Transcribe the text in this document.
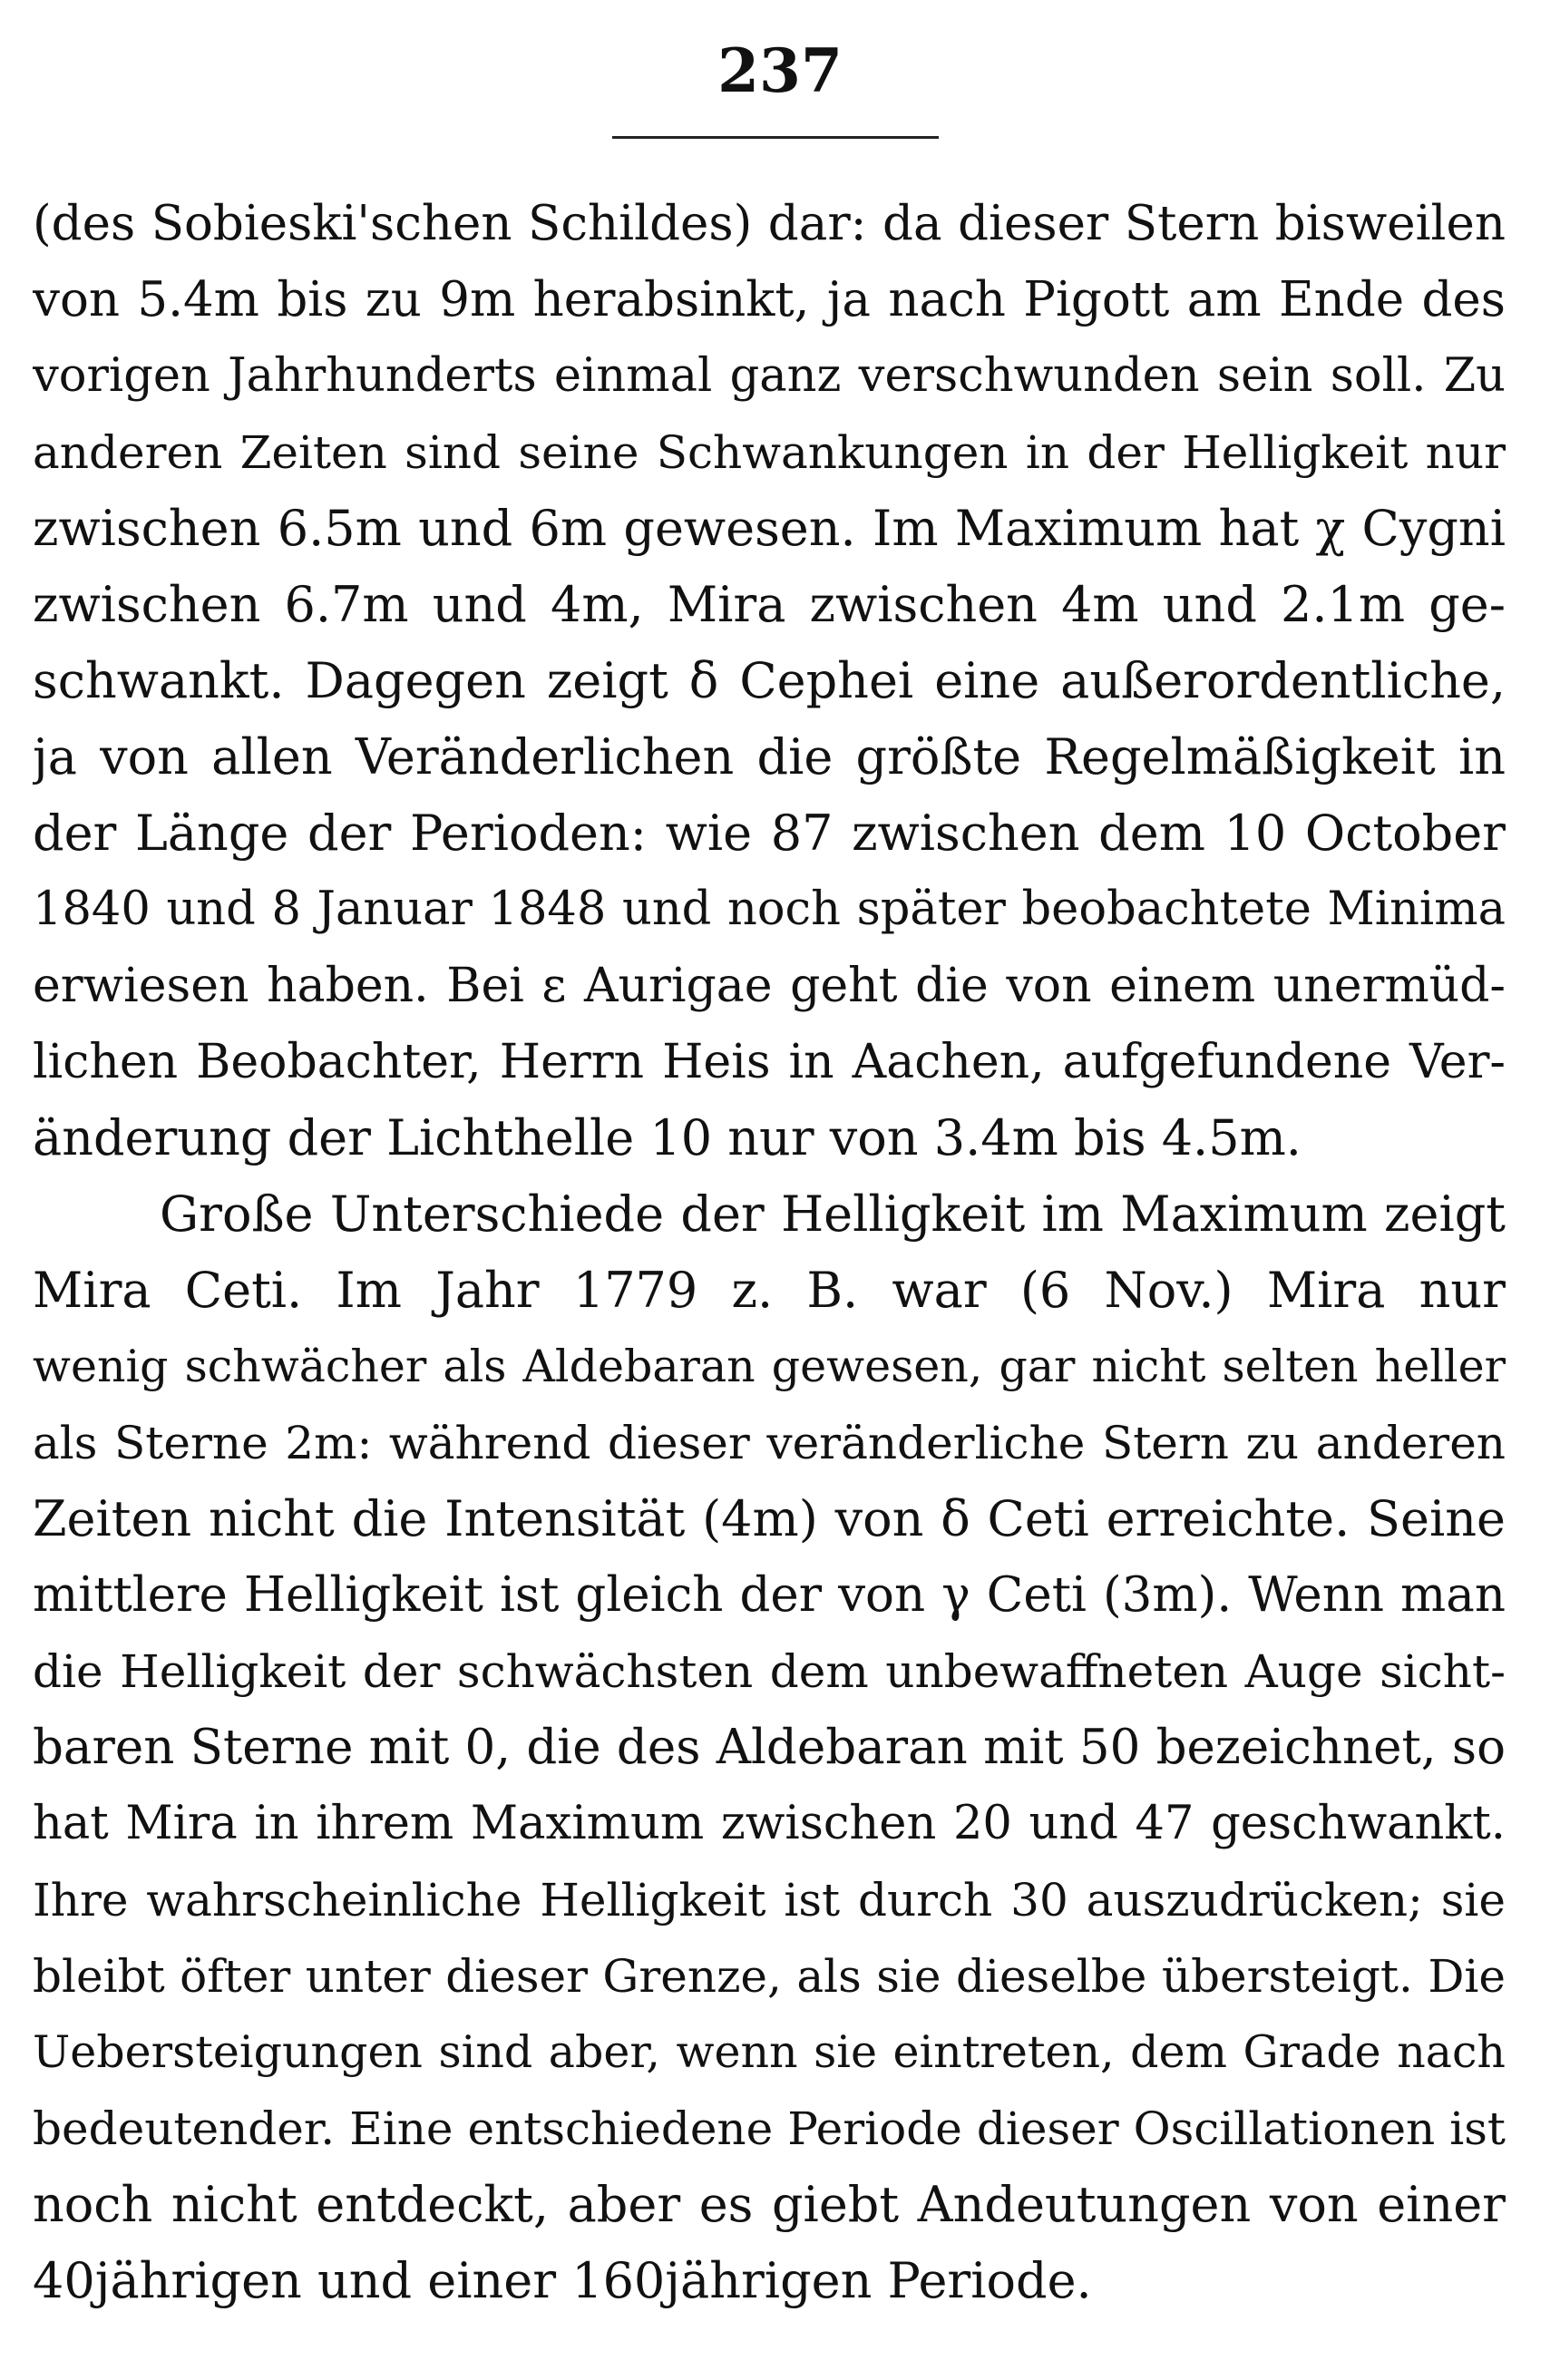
237
(des Sobieski'schen Schildes) dar: da dieser Stern bisweilen
von 5.4m bis zu 9m herabsinkt, ja nach Pigott am Ende des
vorigen Jahrhunderts einmal ganz verschwunden sein soll. Zu
anderen Zeiten sind seine Schwankungen in der Helligkeit nur
zwischen 6.5m und 6m gewesen. Im Maximum hat χ Cygni
zwischen 6.7m und 4m, Mira zwischen 4m und 2.1m ge-
schwankt. Dagegen zeigt δ Cephei eine außerordentliche,
ja von allen Veränderlichen die größte Regelmäßigkeit in
der Länge der Perioden: wie 87 zwischen dem 10 October
1840 und 8 Januar 1848 und noch später beobachtete Minima
erwiesen haben. Bei ε Aurigae geht die von einem unermüd-
lichen Beobachter, Herrn Heis in Aachen, aufgefundene Ver-
änderung der Lichthelle 10 nur von 3.4m bis 4.5m.
Große Unterschiede der Helligkeit im Maximum zeigt
Mira Ceti. Im Jahr 1779 z. B. war (6 Nov.) Mira nur
wenig schwächer als Aldebaran gewesen, gar nicht selten heller
als Sterne 2m: während dieser veränderliche Stern zu anderen
Zeiten nicht die Intensität (4m) von δ Ceti erreichte. Seine
mittlere Helligkeit ist gleich der von γ Ceti (3m). Wenn man
die Helligkeit der schwächsten dem unbewaffneten Auge sicht-
baren Sterne mit 0, die des Aldebaran mit 50 bezeichnet, so
hat Mira in ihrem Maximum zwischen 20 und 47 geschwankt.
Ihre wahrscheinliche Helligkeit ist durch 30 auszudrücken; sie
bleibt öfter unter dieser Grenze, als sie dieselbe übersteigt. Die
Uebersteigungen sind aber, wenn sie eintreten, dem Grade nach
bedeutender. Eine entschiedene Periode dieser Oscillationen ist
noch nicht entdeckt, aber es giebt Andeutungen von einer
40jährigen und einer 160jährigen Periode.
